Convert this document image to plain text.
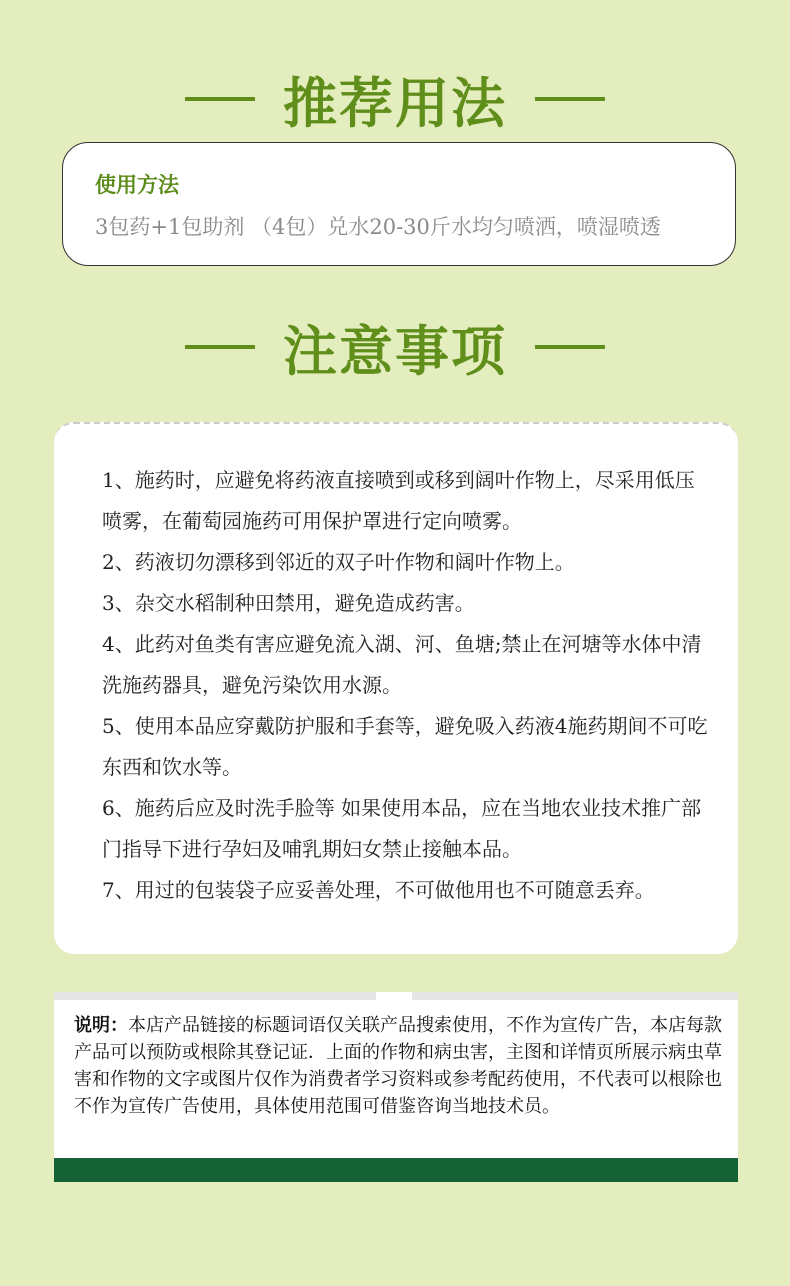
推荐用法
使用方法
3包药+1包助剂 （4包）兑水20-30斤水均匀喷洒，喷湿喷透
注意事项
1、施药时，应避免将药液直接喷到或移到阔叶作物上，尽采用低压喷雾，在葡萄园施药可用保护罩进行定向喷雾。
2、药液切勿漂移到邻近的双子叶作物和阔叶作物上。
3、杂交水稻制种田禁用，避免造成药害。
4、此药对鱼类有害应避免流入湖、河、鱼塘;禁止在河塘等水体中清洗施药器具，避免污染饮用水源。
5、使用本品应穿戴防护服和手套等，避免吸入药液4施药期间不可吃东西和饮水等。
6、施药后应及时洗手脸等 如果使用本品，应在当地农业技术推广部门指导下进行孕妇及哺乳期妇女禁止接触本品。
7、用过的包装袋子应妥善处理，不可做他用也不可随意丢弃。
说明：本店产品链接的标题词语仅关联产品搜索使用，不作为宣传广告，本店每款产品可以预防或根除其登记证．上面的作物和病虫害，主图和详情页所展示病虫草害和作物的文字或图片仅作为消费者学习资料或参考配药使用，不代表可以根除也不作为宣传广告使用，具体使用范围可借鉴咨询当地技术员。
